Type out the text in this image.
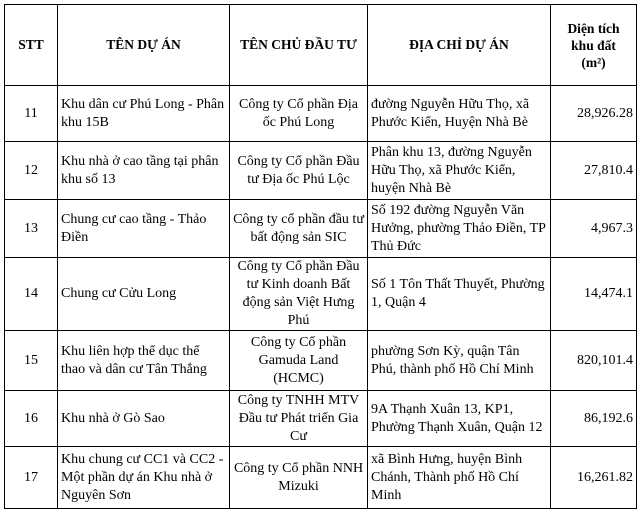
STT	TÊN DỰ ÁN	TÊN CHỦ ĐẦU TƯ	ĐỊA CHỈ DỰ ÁN	Diện tích
khu đất
(m²)

11	Khu dân cư Phú Long - Phân khu 15B	Công ty Cổ phần Địa ốc Phú Long	đường Nguyễn Hữu Thọ, xã Phước Kiển, Huyện Nhà Bè	28,926.28
12	Khu nhà ở cao tầng tại phân khu số 13	Công ty Cổ phần Đầu tư Địa ốc Phú Lộc	Phân khu 13, đường Nguyễn Hữu Thọ, xã Phước Kiển, huyện Nhà Bè	27,810.4
13	Chung cư cao tầng - Thảo Điền	Công ty cổ phần đầu tư bất động sản SIC	Số 192 đường Nguyễn Văn Hưởng, phường Thảo Điền, TP Thủ Đức	4,967.3
14	Chung cư Cửu Long	Công ty Cổ phần Đầu tư Kinh doanh Bất động sản Việt Hưng Phú	Số 1 Tôn Thất Thuyết, Phường 1, Quận 4	14,474.1
15	Khu liên hợp thể dục thể thao và dân cư Tân Thắng	Công ty Cổ phần Gamuda Land (HCMC)	phường Sơn Kỳ, quận Tân Phú, thành phố Hồ Chí Minh	820,101.4
16	Khu nhà ở Gò Sao	Công ty TNHH MTV Đầu tư Phát triển Gia Cư	9A Thạnh Xuân 13, KP1, Phường Thạnh Xuân, Quận 12	86,192.6
17	Khu chung cư CC1 và CC2 - Một phần dự án Khu nhà ở Nguyên Sơn	Công ty Cổ phần NNH Mizuki	xã Bình Hưng, huyện Bình Chánh, Thành phố Hồ Chí Minh	16,261.82
